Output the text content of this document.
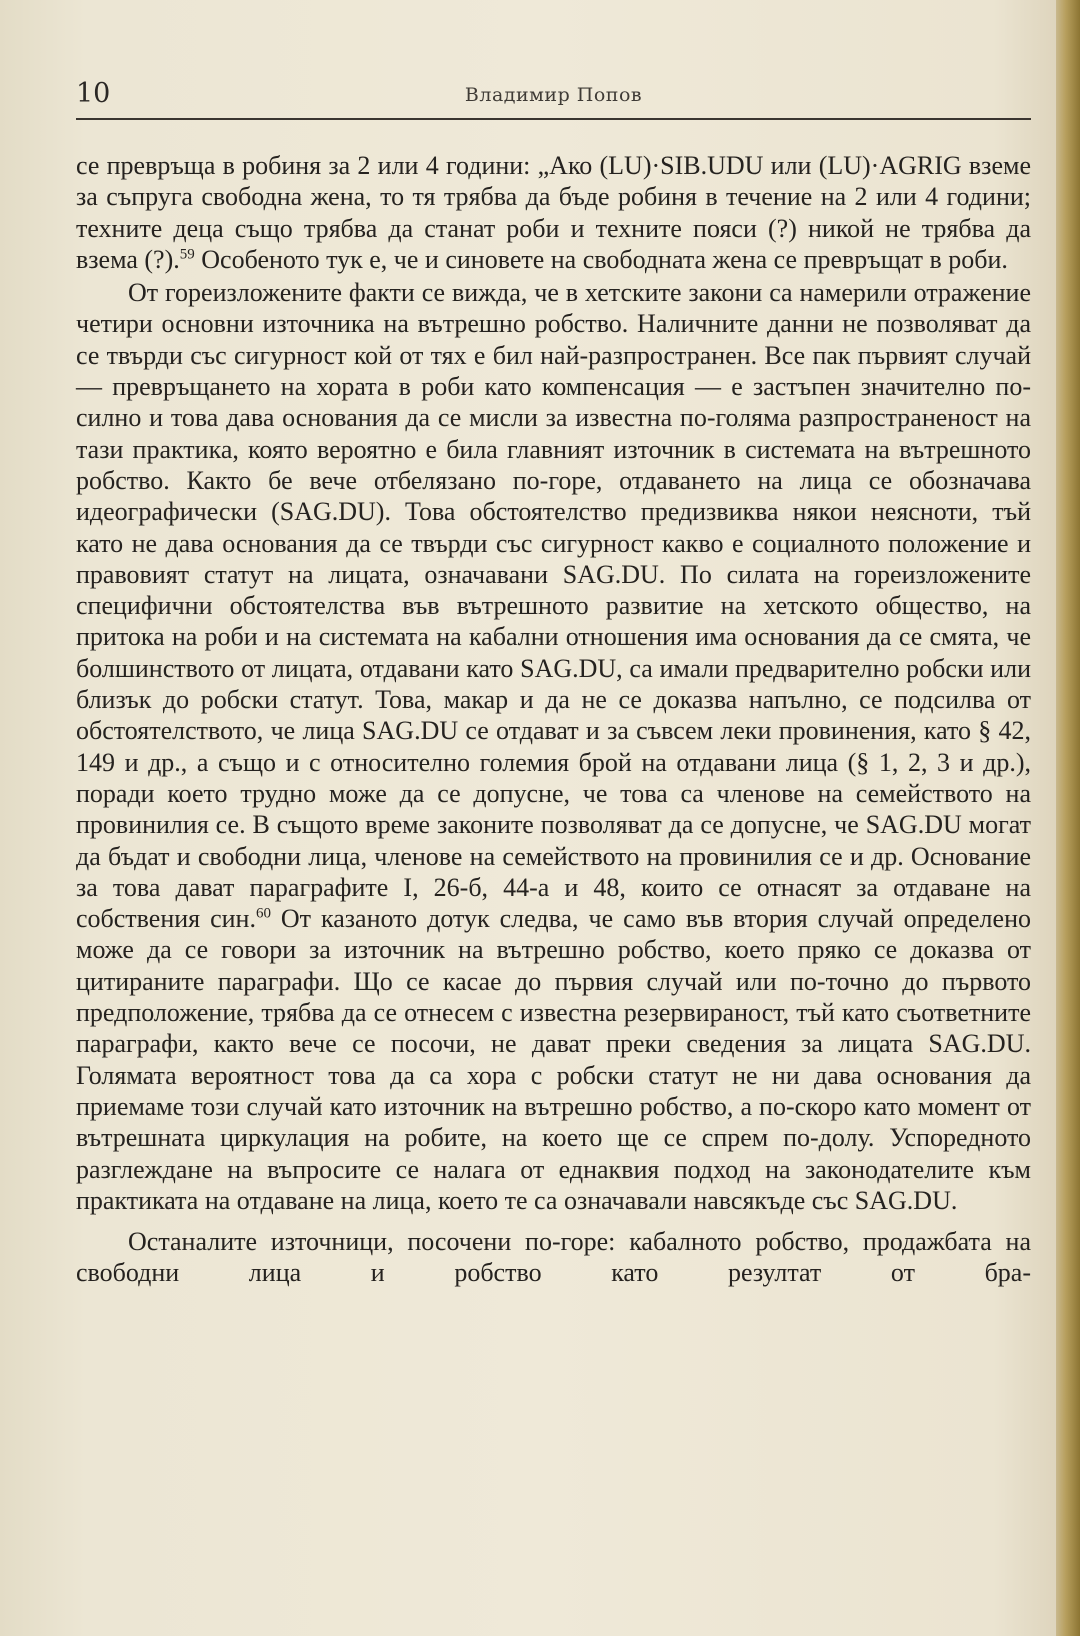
10	Владимир Попов

се превръща в робиня за 2 или 4 години: „Ако (LU)·SIB.UDU или (LU)·AGRIG вземе за съпруга свободна жена, то тя трябва да бъде робиня в течение на 2 или 4 години; техните деца също трябва да станат роби и техните пояси (?) никой не трябва да взема (?).$^{59}$ Особеното тук е, че и синовете на свободната жена се превръщат в роби.

От гореизложените факти се вижда, че в хетските закони са намерили отражение четири основни източника на вътрешно робство. Наличните данни не позволяват да се твърди със сигурност кой от тях е бил най-разпространен. Все пак първият случай — превръщането на хората в роби като компенсация — е застъпен значително по-силно и това дава основания да се мисли за известна по-голяма разпространеност на тази практика, която вероятно е била главният източник в системата на вътрешното робство. Както бе вече отбелязано по-горе, отдаването на лица се обозначава идеографически (SAG.DU). Това обстоятелство предизвиква някои неясноти, тъй като не дава основания да се твърди със сигурност какво е социалното положение и правовият статут на лицата, означавани SAG.DU. По силата на гореизложените специфични обстоятелства във вътрешното развитие на хетското общество, на притока на роби и на системата на кабални отношения има основания да се смята, че болшинството от лицата, отдавани като SAG.DU, са имали предварително робски или близък до робски статут. Това, макар и да не се доказва напълно, се подсилва от обстоятелството, че лица SAG.DU се отдават и за съвсем леки провинения, като § 42, 149 и др., а също и с относително големия брой на отдавани лица (§ 1, 2, 3 и др.), поради което трудно може да се допусне, че това са членове на семейството на провинилия се. В същото време законите позволяват да се допусне, че SAG.DU могат да бъдат и свободни лица, членове на семейството на провинилия се и др. Основание за това дават параграфите I, 26-б, 44-а и 48, които се отнасят за отдаване на собствения син.$^{60}$ От казаното дотук следва, че само във втория случай определено може да се говори за източник на вътрешно робство, което пряко се доказва от цитираните параграфи. Що се касае до първия случай или по-точно до първото предположение, трябва да се отнесем с известна резервираност, тъй като съответните параграфи, както вече се посочи, не дават преки сведения за лицата SAG.DU. Голямата вероятност това да са хора с робски статут не ни дава основания да приемаме този случай като източник на вътрешно робство, а по-скоро като момент от вътрешната циркулация на робите, на което ще се спрем по-долу. Успоредното разглеждане на въпросите се налага от еднаквия подход на законодателите към практиката на отдаване на лица, което те са означавали навсякъде със SAG.DU.

Останалите източници, посочени по-горе: кабалното робство, продажбата на свободни лица и робство като резултат от бра-
